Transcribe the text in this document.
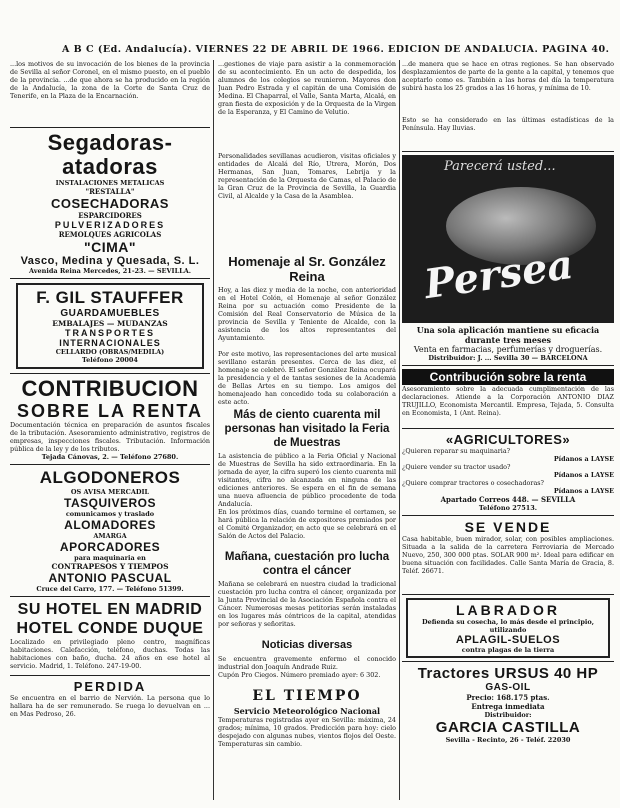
A B C (Ed. Andalucía). VIERNES 22 DE ABRIL DE 1966. EDICION DE ANDALUCIA. PAGINA 40.
...los motivos de su invocación de los bienes de la provincia de Sevilla al señor Coronel, en el mismo puesto, en el pueblo de la provincia. ...de que ahora se ha producido en la región de la Andalucía, la zona de la Corte de Santa Cruz de Tenerife, en la Plaza de la Encarnación.
Segadoras-atadoras
INSTALACIONES METALICAS
"RESTALLA"
COSECHADORAS
ESPARCIDORES
PULVERIZADORES
REMOLQUES AGRICOLAS
"CIMA"
Vasco, Medina y Quesada, S. L.
Avenida Reina Mercedes, 21-23. — SEVILLA.
F. GIL STAUFFER
GUARDAMUEBLES
EMBALAJES — MUDANZAS
TRANSPORTES
INTERNACIONALES
CELLARDO (OBRAS/MEDILA)
Teléfono 20004
CONTRIBUCION
SOBRE LA RENTA
Documentación técnica en preparación de asuntos fiscales de la tributación. Asesoramiento administrativo, registros de empresas, inspecciones fiscales. Tributación. Información pública de la ley y de los tributos.
Tejada Cánovas, 2. — Teléfono 27680.
ALGODONEROS
OS AVISA MERCADIL
TASQUIVEROS
comunicamos y traslado
ALOMADORES
AMARGA
APORCADORES
para maquinaria en
CONTRAPESOS Y TIEMPOS
ANTONIO PASCUAL
Cruce del Carro, 177. — Teléfono 51399.
SU HOTEL EN MADRID
HOTEL CONDE DUQUE
Localizado en privilegiado pleno centro, magníficas habitaciones. Calefacción, teléfono, duchas. Todas las habitaciones con baño, ducha. 24 años en ese hotel al servicio. Madrid, 1. Teléfono. 247-19-00.
PERDIDA
Se encuentra en el barrio de Nervión. La persona que lo hallara ha de ser remunerado. Se ruega lo devuelvan en ... en Mas Pedroso, 26.
...gestiones de viaje para asistir a la conmemoración de su acontecimiento. En un acto de despedida, los alumnos de los colegios se reunieron. Mayores don Juan Pedro Estrada y el capitán de una Comisión de Medina. El Chaparral, el Valle, Santa Marta, Alcalá, en gran fiesta de exposición y de la Orquesta de la Virgen de la Esperanza, y El Camino de Velutio.
Personalidades sevillanas acudieron, visitas oficiales y entidades de Alcalá del Río, Utrera, Morón, Dos Hermanas, San Juan, Tomares, Lebrija y la representación de la Orquesta de Camas, el Palacio de la Gran Cruz de la Provincia de Sevilla, la Guardia Civil, al Alcalde y la Casa de la Asamblea.
Homenaje al Sr. González Reina
Hoy, a las diez y media de la noche, con anterioridad en el Hotel Colón, el Homenaje al señor González Reina por su actuación como Presidente de la Comisión del Real Conservatorio de Música de la provincia de Sevilla y Teniente de Alcalde, con la asistencia de los altos representantes del Ayuntamiento.
Por este motivo, las representaciones del arte musical sevillano estarán presentes. Cerca de las diez, el homenaje se celebró. El señor González Reina ocupará la presidencia y el de tantas sesiones de la Academia de Bellas Artes en su tiempo. Los amigos del homenajeado han concedido toda su colaboración a este acto.
Más de ciento cuarenta mil personas han visitado la Feria de Muestras
La asistencia de público a la Feria Oficial y Nacional de Muestras de Sevilla ha sido extraordinaria. En la jornada de ayer, la cifra superó los ciento cuarenta mil visitantes, cifra no alcanzada en ninguna de las ediciones anteriores. Se espera en el fin de semana una nueva afluencia de público procedente de toda Andalucía.
En los próximos días, cuando termine el certamen, se hará pública la relación de expositores premiados por el Comité Organizador, en acto que se celebrará en el Salón de Actos del Palacio.
Mañana, cuestación pro lucha contra el cáncer
Mañana se celebrará en nuestra ciudad la tradicional cuestación pro lucha contra el cáncer, organizada por la Junta Provincial de la Asociación Española contra el Cáncer. Numerosas mesas petitorias serán instaladas en los lugares más céntricos de la capital, atendidas por señoras y señoritas.
Noticias diversas
Se encuentra gravemente enfermo el conocido industrial don Joaquín Andrade Ruiz.
Cupón Pro Ciegos. Número premiado ayer: 6 302.
EL TIEMPO
Servicio Meteorológico Nacional
Temperaturas registradas ayer en Sevilla: máxima, 24 grados; mínima, 10 grados. Predicción para hoy: cielo despejado con algunas nubes, vientos flojos del Oeste. Temperaturas sin cambio.
...de manera que se hace en otras regiones. Se han observado desplazamientos de parte de la gente a la capital, y tenemos que aceptarlo como es. También a las horas del día la temperatura subirá hasta los 25 grados a las 16 horas, y mínima de 10.
Esto se ha considerado en las últimas estadísticas de la Península. Hay lluvias.
Parecerá usted...
Persea
Una sola aplicación mantiene su eficacia durante tres meses
Venta en farmacias, perfumerías y droguerías.
Distribuidor: J. ... Sevilla 30 — BARCELONA
Contribución sobre la renta
Asesoramiento sobre la adecuada cumplimentación de las declaraciones. Atiende a la Corporación ANTONIO DIAZ TRUJILLO, Economista Mercantil. Empresa, Tejada, 5. Consulta en Economista, 1 (Ant. Reina).
«AGRICULTORES»
¿Quieren reparar su maquinaria?
Pídanos a LAYSE
¿Quiere vender su tractor usado?
Pídanos a LAYSE
¿Quiere comprar tractores o cosechadoras?
Pídanos a LAYSE
Apartado Correos 448. — SEVILLA
Teléfono 27513.
SE VENDE
Casa habitable, buen mirador, solar, con posibles ampliaciones. Situada a la salida de la carretera Ferroviaria de Mercado Nuevo, 250, 300 000 ptas. SOLAR 900 m². Ideal para edificar en buena situación con facilidades. Calle Santa María de Gracia, 8. Teléf. 26671.
LABRADOR
Defienda su cosecha, lo más desde el principio, utilizando
APLAGIL-SUELOS
contra plagas de la tierra
Tractores URSUS 40 HP
GAS-OIL
Precio: 168.175 ptas.
Entrega inmediata
Distribuidor:
GARCIA CASTILLA
Sevilla - Recinto, 26 - Teléf. 22030
